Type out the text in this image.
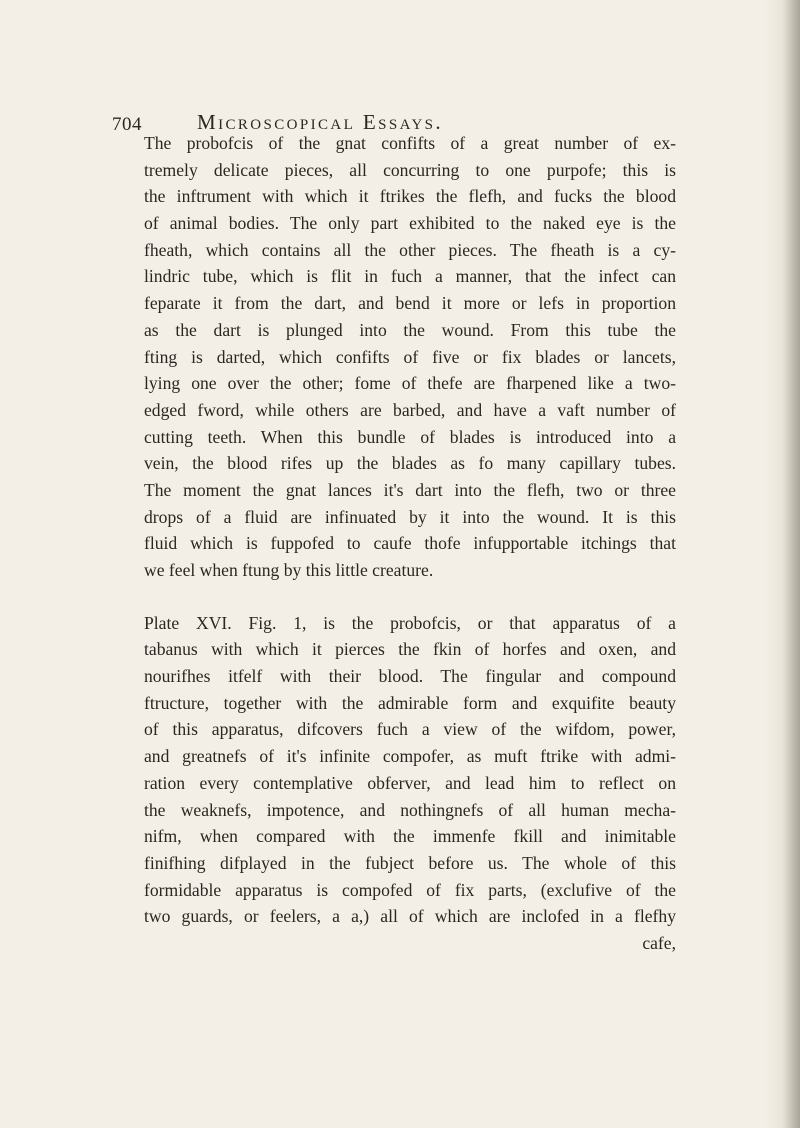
704	Microscopical Essays.
The probofcis of the gnat confifts of a great number of ex-
tremely delicate pieces, all concurring to one purpofe; this is
the inftrument with which it ftrikes the flefh, and fucks the blood
of animal bodies. The only part exhibited to the naked eye is the
fheath, which contains all the other pieces. The fheath is a cy-
lindric tube, which is flit in fuch a manner, that the infect can
feparate it from the dart, and bend it more or lefs in proportion
as the dart is plunged into the wound. From this tube the
fting is darted, which confifts of five or fix blades or lancets,
lying one over the other; fome of thefe are fharpened like a two-
edged fword, while others are barbed, and have a vaft number of
cutting teeth. When this bundle of blades is introduced into a
vein, the blood rifes up the blades as fo many capillary tubes.
The moment the gnat lances it's dart into the flefh, two or three
drops of a fluid are infinuated by it into the wound. It is this
fluid which is fuppofed to caufe thofe infupportable itchings that
we feel when ftung by this little creature.
Plate XVI. Fig. 1, is the probofcis, or that apparatus of a
tabanus with which it pierces the fkin of horfes and oxen, and
nourifhes itfelf with their blood. The fingular and compound
ftructure, together with the admirable form and exquifite beauty
of this apparatus, difcovers fuch a view of the wifdom, power,
and greatnefs of it's infinite compofer, as muft ftrike with admi-
ration every contemplative obferver, and lead him to reflect on
the weaknefs, impotence, and nothingnefs of all human mecha-
nifm, when compared with the immenfe fkill and inimitable
finifhing difplayed in the fubject before us. The whole of this
formidable apparatus is compofed of fix parts, (exclufive of the
two guards, or feelers, a a,) all of which are inclofed in a flefhy
cafe,
